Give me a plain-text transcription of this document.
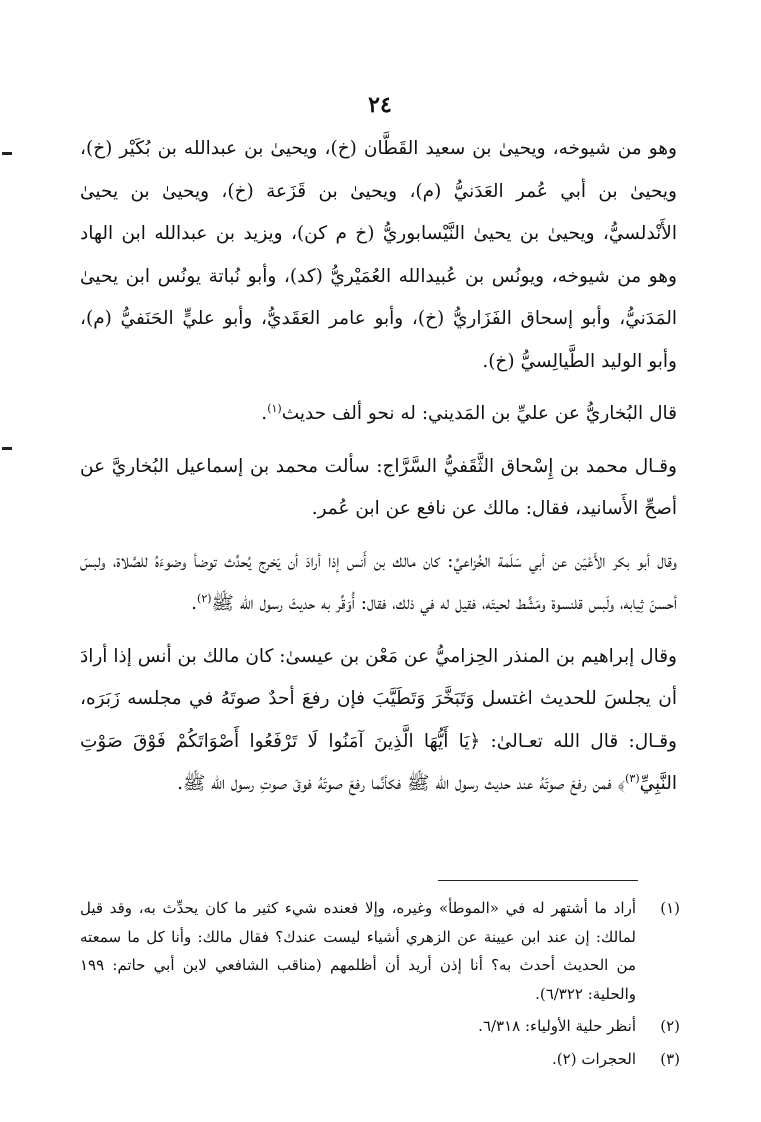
٢٤

وهو من شيوخه، ويحيىٰ بن سعيد القَطَّان (خ)، ويحيىٰ بن عبدالله بن بُكَيْر (خ)، ويحيىٰ بن أبي عُمر العَدَنيُّ (م)، ويحيىٰ بن قَزَعة (خ)، ويحيىٰ بن يحيىٰ الأَنْدلسيُّ، ويحيىٰ بن يحيىٰ النَّيْسابوريُّ (خ م كن)، ويزيد بن عبدالله ابن الهاد وهو من شيوخه، ويونُس بن عُبيدالله العُمَيْريُّ (كد)، وأبو نُباتة يونُس ابن يحيىٰ المَدَنيُّ، وأبو إسحاق الفَزَاريُّ (خ)، وأبو عامر العَقَديُّ، وأبو عليٍّ الحَنَفيُّ (م)، وأبو الوليد الطَّيالِسيُّ (خ).

قال البُخاريُّ عن عليِّ بن المَديني: له نحو ألف حديث$^{(١)}$.

وقـال محمد بن إِسْحاق الثَّقَفيُّ السَّرَّاج: سألت محمد بن إسماعيل البُخاريَّ عن أصحِّ الأَسانيد، فقال: مالك عن نافع عن ابن عُمر.

وقال أبو بكر الأَعْيَن عن أبي سَلَمة الخُزاعيِّ: كان مالك بن أَنس إذا أرادَ أن يَخرج يُحدِّث توضأ وضوءَهُ للصَّلاة، ولبسَ أحسنَ ثِيابه، ولَبس قلنسوة ومَشَّط لحيتَه، فقيل له في ذلك، فقال: أُوَقِّر به حديثَ رسول الله ﷺ$^{(٢)}$.

وقال إبراهيم بن المنذر الحِزاميُّ عن مَعْن بن عيسىٰ: كان مالك بن أنس إذا أرادَ أن يجلسَ للحديث اغتسل وَتَبَخَّرَ وَتَطَيَّبَ فإن رفعَ أحدٌ صوتَهُ في مجلسه زَبَرَه، وقـال: قال الله تعـالىٰ: ﴿يَا أَيُّهَا الَّذِينَ آمَنُوا لَا تَرْفَعُوا أَصْوَاتَكُمْ فَوْقَ صَوْتِ النَّبِيِّ$^{(٣)}$﴾ فمن رفعَ صوتَهُ عند حديث رسول الله ﷺ فكأنَّما رفعَ صوتَهُ فوقَ صوتِ رسول الله ﷺ.

(١)
أراد ما أشتهر له في «الموطأ» وغيره، وإلا فعنده شيء كثير ما كان يحدِّث به، وقد قيل لمالك: إن عند ابن عيينة عن الزهري أشياء ليست عندك؟ فقال مالك: وأنا كل ما سمعته من الحديث أحدث به؟ أنا إذن أريد أن أظلمهم (مناقب الشافعي لابن أبي حاتم: ١٩٩ والحلية: ٦/٣٢٢).
(٢)
أنظر حلية الأولياء: ٦/٣١٨.
(٣)
الحجرات (٢).
